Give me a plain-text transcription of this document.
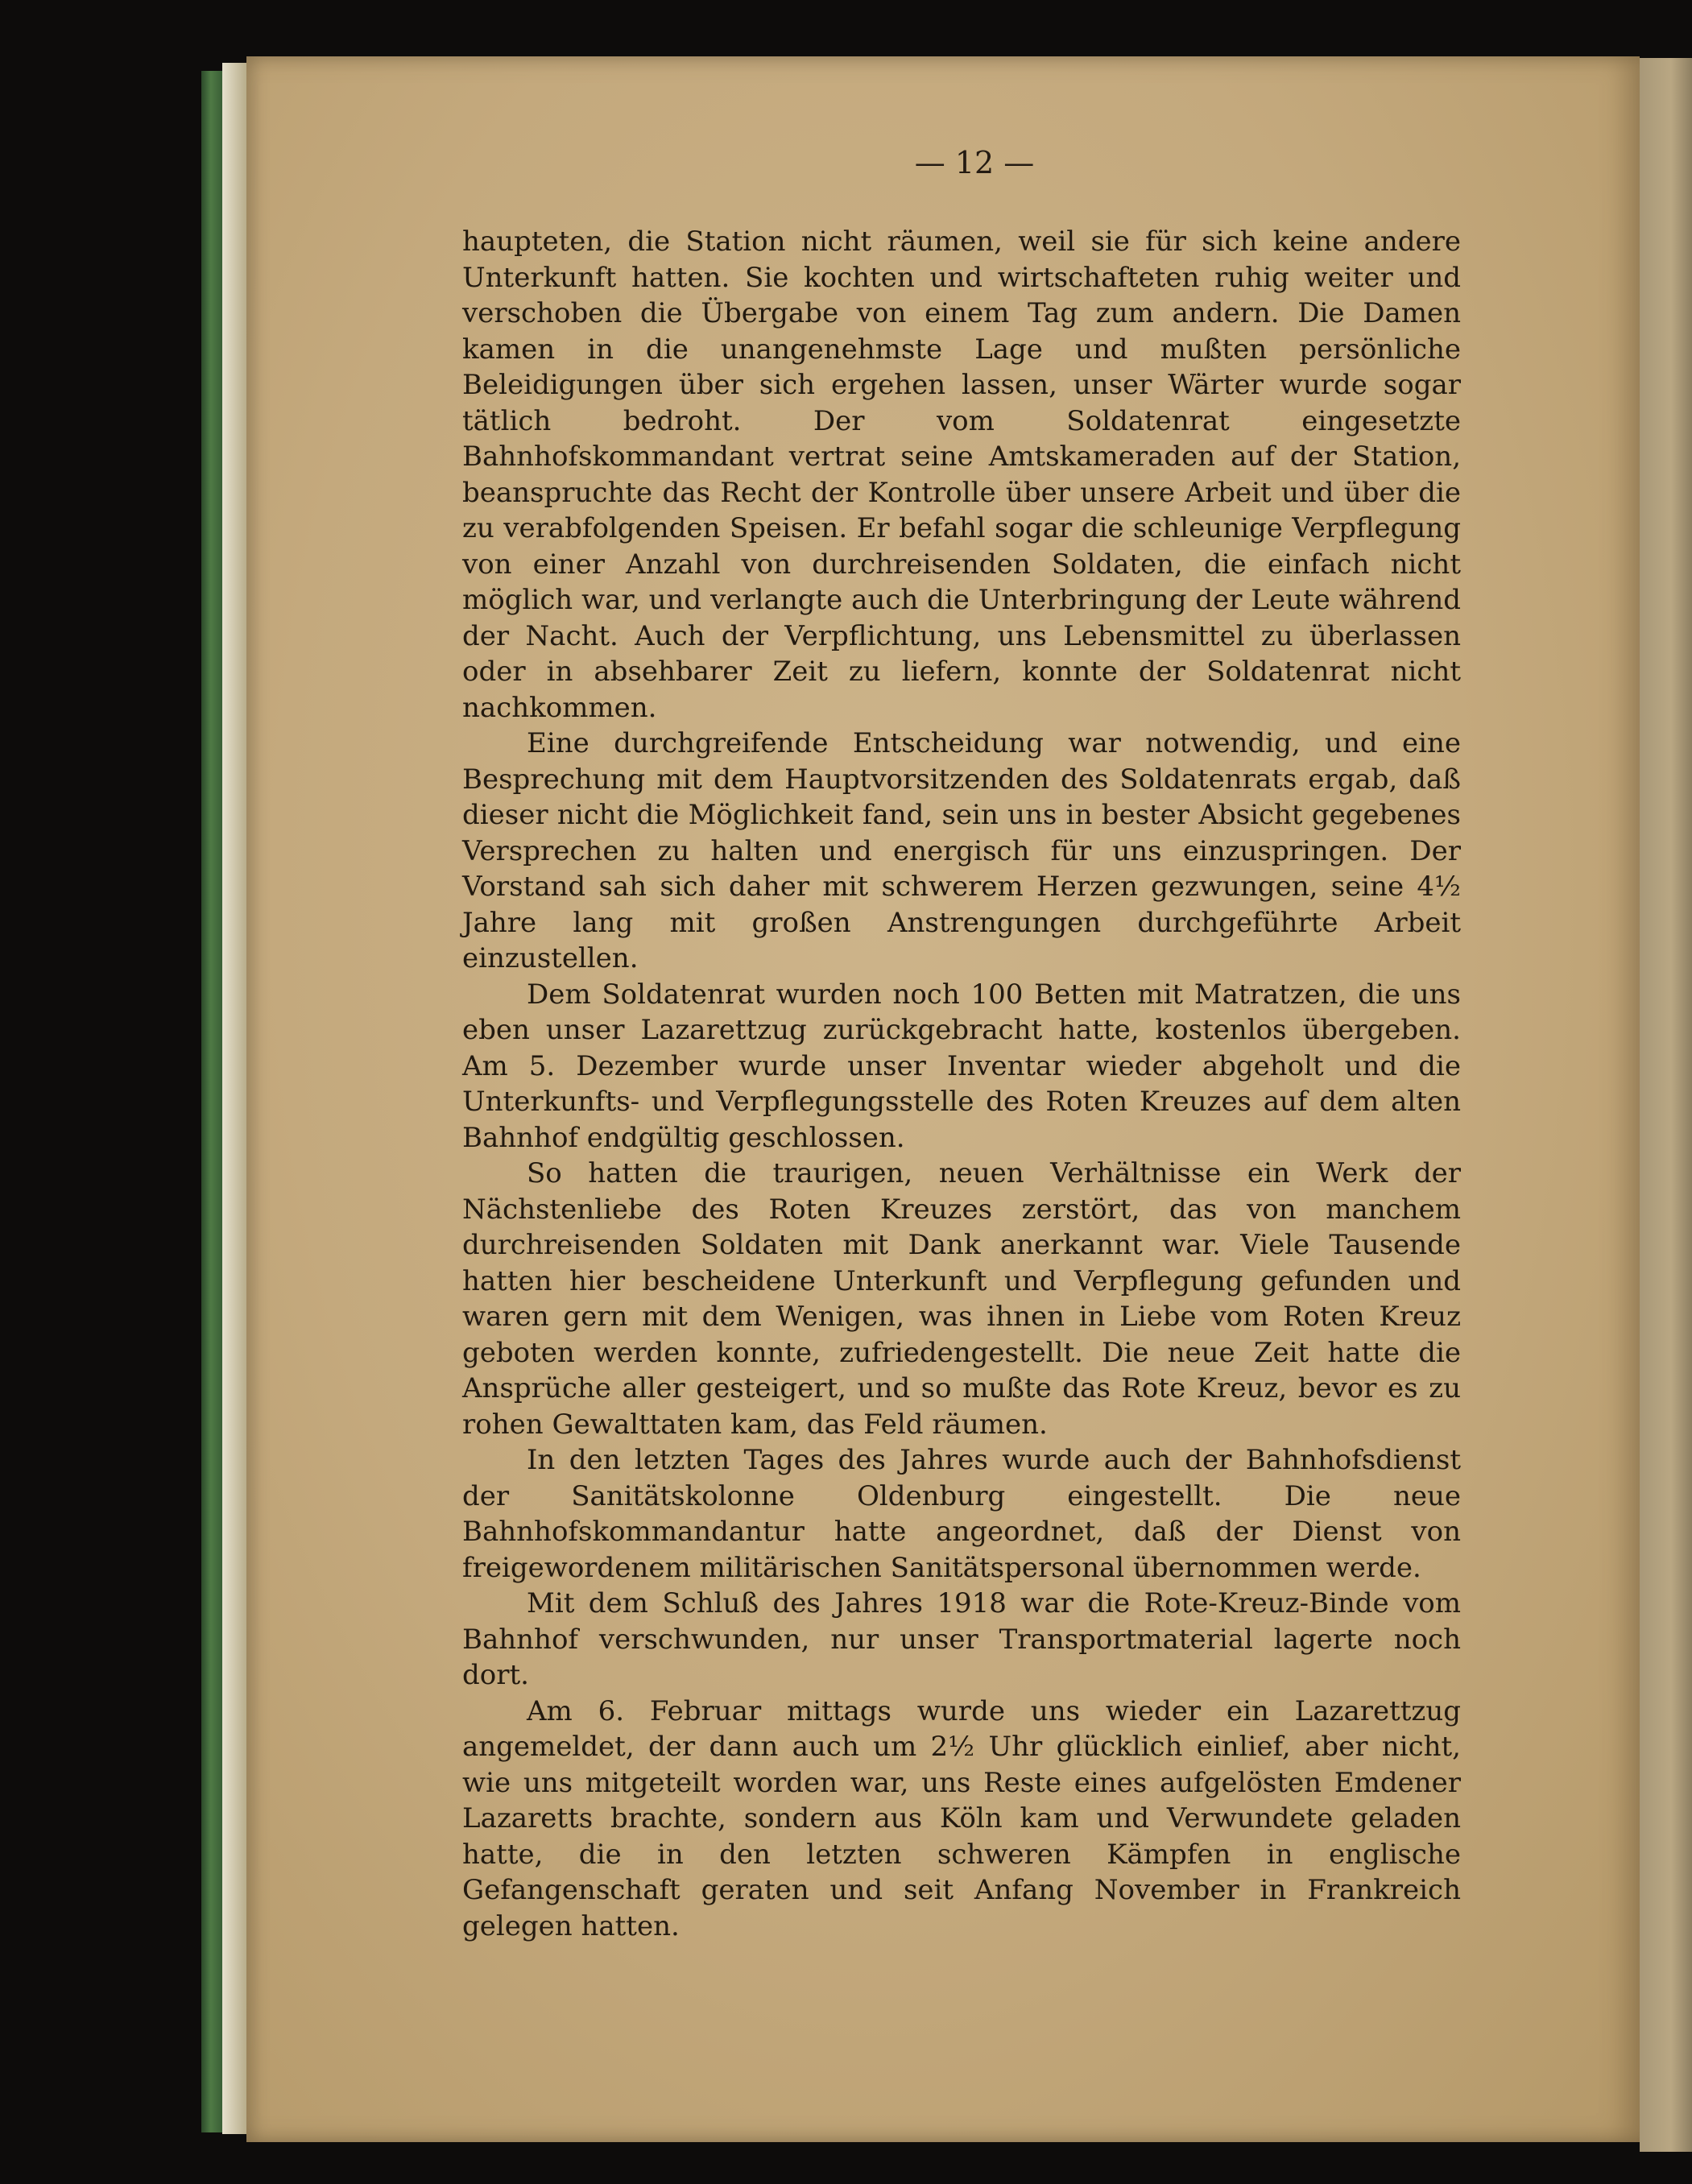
— 12 —

haupteten, die Station nicht räumen, weil sie für sich keine andere Unterkunft hatten. Sie kochten und wirtschafteten ruhig weiter und verschoben die Übergabe von einem Tag zum andern. Die Damen kamen in die unangenehmste Lage und mußten persönliche Beleidigungen über sich ergehen lassen, unser Wärter wurde sogar tätlich bedroht. Der vom Soldatenrat eingesetzte Bahnhofskommandant vertrat seine Amtskameraden auf der Station, beanspruchte das Recht der Kontrolle über unsere Arbeit und über die zu verabfolgenden Speisen. Er befahl sogar die schleunige Verpflegung von einer Anzahl von durchreisenden Soldaten, die einfach nicht möglich war, und verlangte auch die Unterbringung der Leute während der Nacht. Auch der Verpflichtung, uns Lebensmittel zu überlassen oder in absehbarer Zeit zu liefern, konnte der Soldatenrat nicht nachkommen.

Eine durchgreifende Entscheidung war notwendig, und eine Besprechung mit dem Hauptvorsitzenden des Soldatenrats ergab, daß dieser nicht die Möglichkeit fand, sein uns in bester Absicht gegebenes Versprechen zu halten und energisch für uns einzuspringen. Der Vorstand sah sich daher mit schwerem Herzen gezwungen, seine 4½ Jahre lang mit großen Anstrengungen durchgeführte Arbeit einzustellen.

Dem Soldatenrat wurden noch 100 Betten mit Matratzen, die uns eben unser Lazarettzug zurückgebracht hatte, kostenlos übergeben. Am 5. Dezember wurde unser Inventar wieder abgeholt und die Unterkunfts- und Verpflegungsstelle des Roten Kreuzes auf dem alten Bahnhof endgültig geschlossen.

So hatten die traurigen, neuen Verhältnisse ein Werk der Nächstenliebe des Roten Kreuzes zerstört, das von manchem durchreisenden Soldaten mit Dank anerkannt war. Viele Tausende hatten hier bescheidene Unterkunft und Verpflegung gefunden und waren gern mit dem Wenigen, was ihnen in Liebe vom Roten Kreuz geboten werden konnte, zufriedengestellt. Die neue Zeit hatte die Ansprüche aller gesteigert, und so mußte das Rote Kreuz, bevor es zu rohen Gewalttaten kam, das Feld räumen.

In den letzten Tages des Jahres wurde auch der Bahnhofsdienst der Sanitätskolonne Oldenburg eingestellt. Die neue Bahnhofskommandantur hatte angeordnet, daß der Dienst von freigewordenem militärischen Sanitätspersonal übernommen werde.

Mit dem Schluß des Jahres 1918 war die Rote-Kreuz-Binde vom Bahnhof verschwunden, nur unser Transportmaterial lagerte noch dort.

Am 6. Februar mittags wurde uns wieder ein Lazarettzug angemeldet, der dann auch um 2½ Uhr glücklich einlief, aber nicht, wie uns mitgeteilt worden war, uns Reste eines aufgelösten Emdener Lazaretts brachte, sondern aus Köln kam und Verwundete geladen hatte, die in den letzten schweren Kämpfen in englische Gefangenschaft geraten und seit Anfang November in Frankreich gelegen hatten.
